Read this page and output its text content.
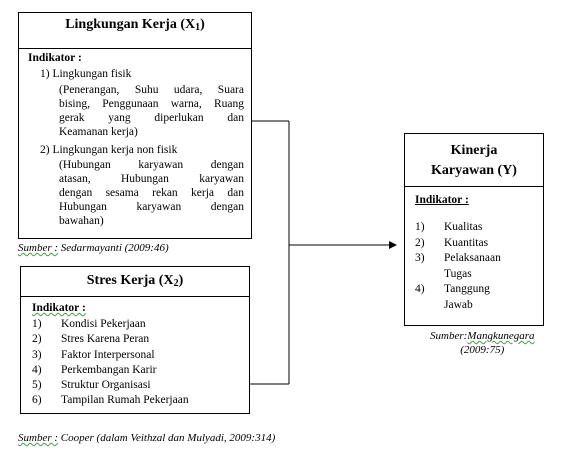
Lingkungan Kerja (X1)
Indikator :
1) Lingkungan fisik
(Penerangan, Suhu udara, Suara
bising, Penggunaan warna, Ruang
gerak yang diperlukan dan
Keamanan kerja)
2) Lingkungan kerja non fisik
(Hubungan karyawan dengan
atasan, Hubungan karyawan
dengan sesama rekan kerja dan
Hubungan karyawan dengan
bawahan)
Sumber : Sedarmayanti (2009:46)
Stres Kerja (X2)
Indikator :
1) Kondisi Pekerjaan
2) Stres Karena Peran
3) Faktor Interpersonal
4) Perkembangan Karir
5) Struktur Organisasi
6) Tampilan Rumah Pekerjaan
Sumber : Cooper (dalam Veithzal dan Mulyadi, 2009:314)
Kinerja
Karyawan (Y)
Indikator :
1) Kualitas
2) Kuantitas
3) Pelaksanaan
Tugas
4) Tanggung
Jawab
Sumber:Mangkunegara
(2009:75)
